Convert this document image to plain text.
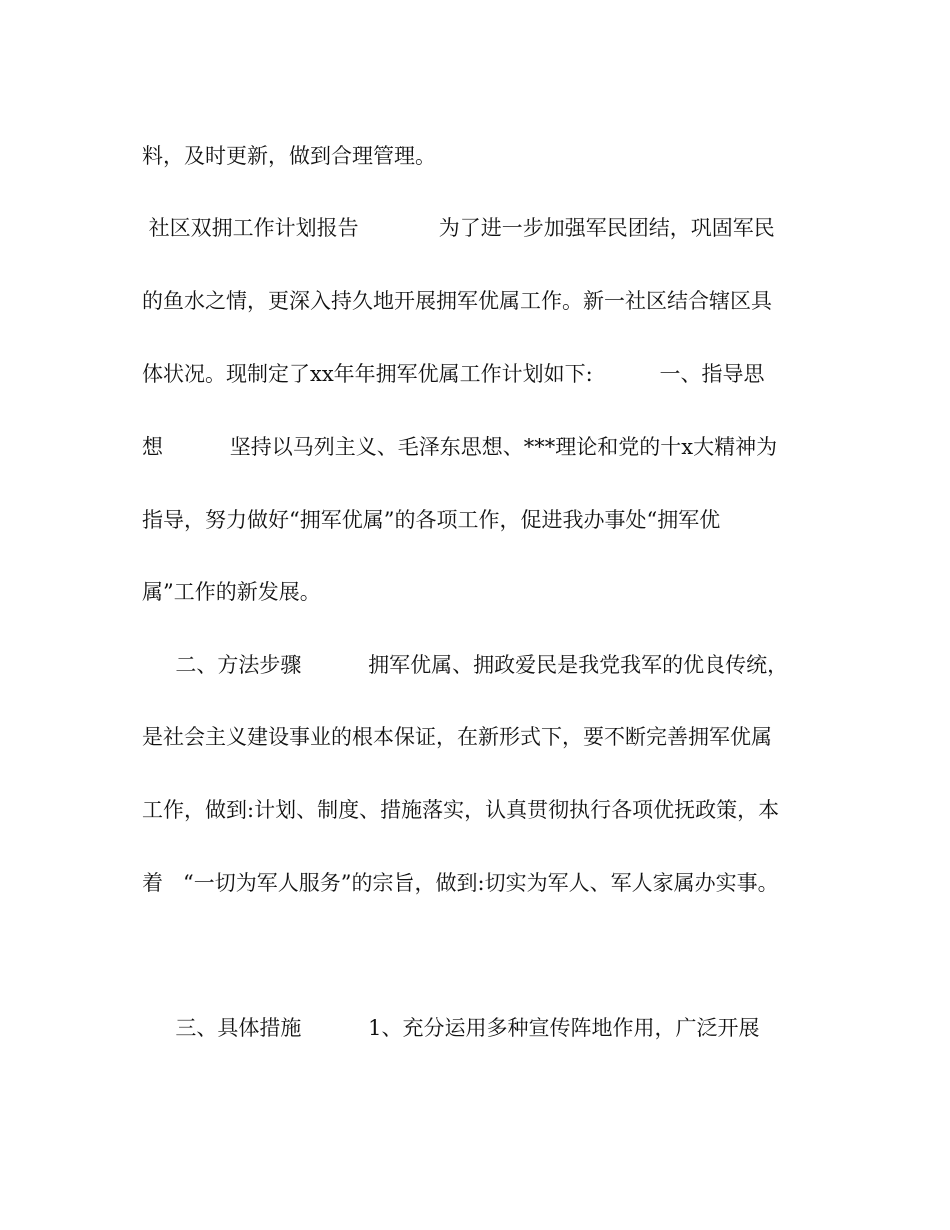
料，及时更新，做到合理管理。
社区双拥工作计划报告            为了进一步加强军民团结，巩固军民
的鱼水之情，更深入持久地开展拥军优属工作。新一社区结合辖区具
体状况。现制定了xx年年拥军优属工作计划如下:          一、指导思
想          坚持以马列主义、毛泽东思想、***理论和党的十x大精神为
指导，努力做好“拥军优属”的各项工作，促进我办事处“拥军优
属”工作的新发展。
二、方法步骤          拥军优属、拥政爱民是我党我军的优良传统，
是社会主义建设事业的根本保证，在新形式下，要不断完善拥军优属
工作，做到:计划、制度、措施落实，认真贯彻执行各项优抚政策，本
着   “一切为军人服务”的宗旨，做到:切实为军人、军人家属办实事。
三、具体措施          1、充分运用多种宣传阵地作用，广泛开展
